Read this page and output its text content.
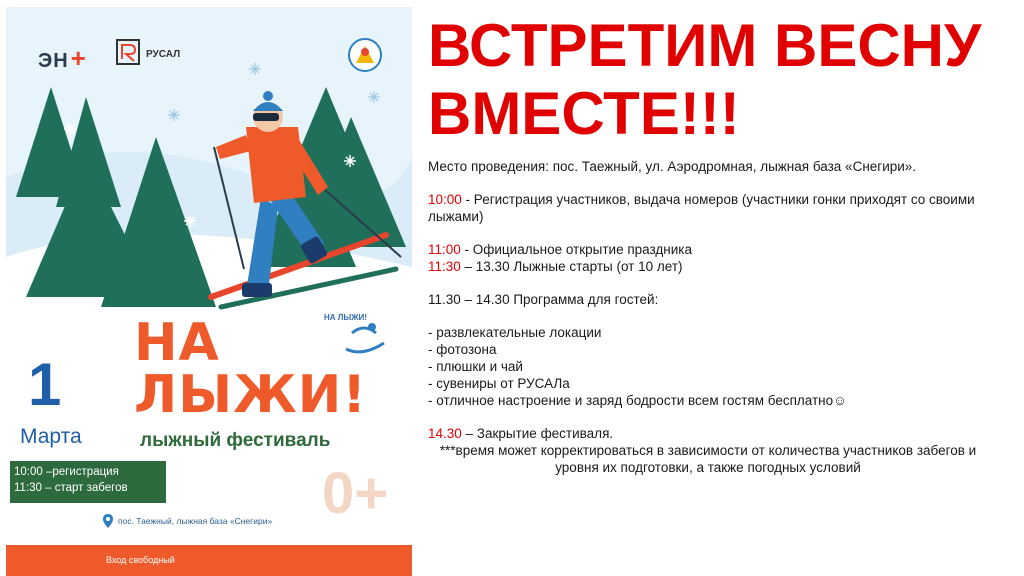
ЭН+	РУСАЛ
НА ЛЫЖИ!
НА
ЛЫЖИ!
лыжный фестиваль
1
Марта
10:00 –регистрация
11:30 – старт забегов	0+
пос. Таежный, лыжная база «Снегири»
Вход свободный
ВСТРЕТИМ ВЕСНУ
ВМЕСТЕ!!!

Место проведения: пос. Таежный, ул. Аэродромная, лыжная база «Снегири».

10:00 - Регистрация участников, выдача номеров (участники гонки приходят со своими лыжами)

11:00 - Официальное открытие праздника

11:30 – 13.30 Лыжные старты (от 10 лет)

11.30 – 14.30 Программа для гостей:

- развлекательные локации

- фотозона

- плюшки и чай

- сувениры от РУСАЛа

- отличное настроение и заряд бодрости всем гостям бесплатно☺

14.30 – Закрытие фестиваля.

***время может корректироваться в зависимости от количества участников забегов и уровня их подготовки, а также погодных условий
